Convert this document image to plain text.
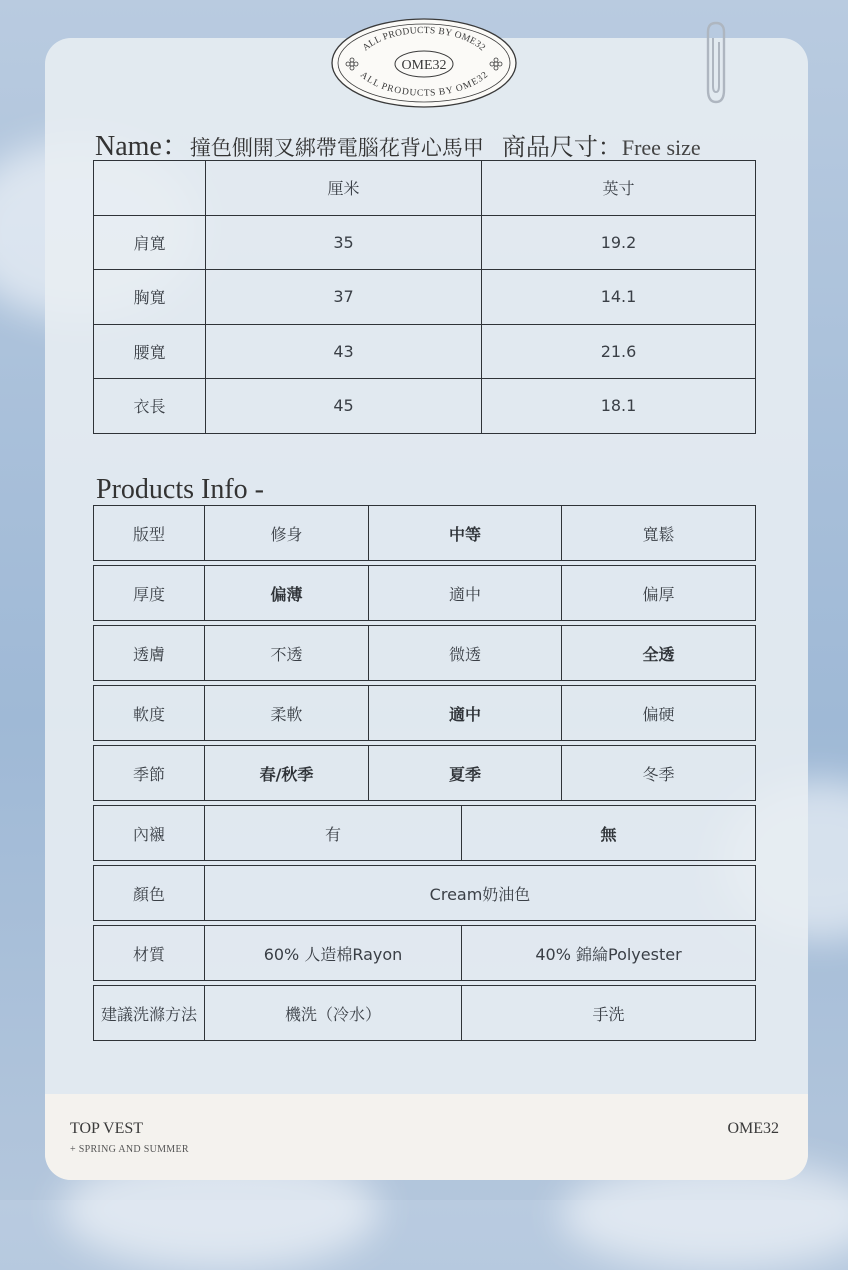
TOP VEST
+ SPRING AND SUMMER
OME32
ALL PRODUCTS BY OME32
ALL PRODUCTS BY OME32
OME32
Name：撞色側開叉綁帶電腦花背心馬甲 商品尺寸：Free size
	厘米	英寸
肩寬	35	19.2
胸寬	37	14.1
腰寬	43	21.6
衣長	45	18.1
Products Info -
版型	修身	中等	寬鬆
厚度	偏薄	適中	偏厚
透膚	不透	微透	全透
軟度	柔軟	適中	偏硬
季節	春/秋季	夏季	冬季
內襯	有	無
顏色	Cream奶油色
材質	60% 人造棉Rayon	40% 錦綸Polyester
建議洗滌方法	機洗（冷水）	手洗
